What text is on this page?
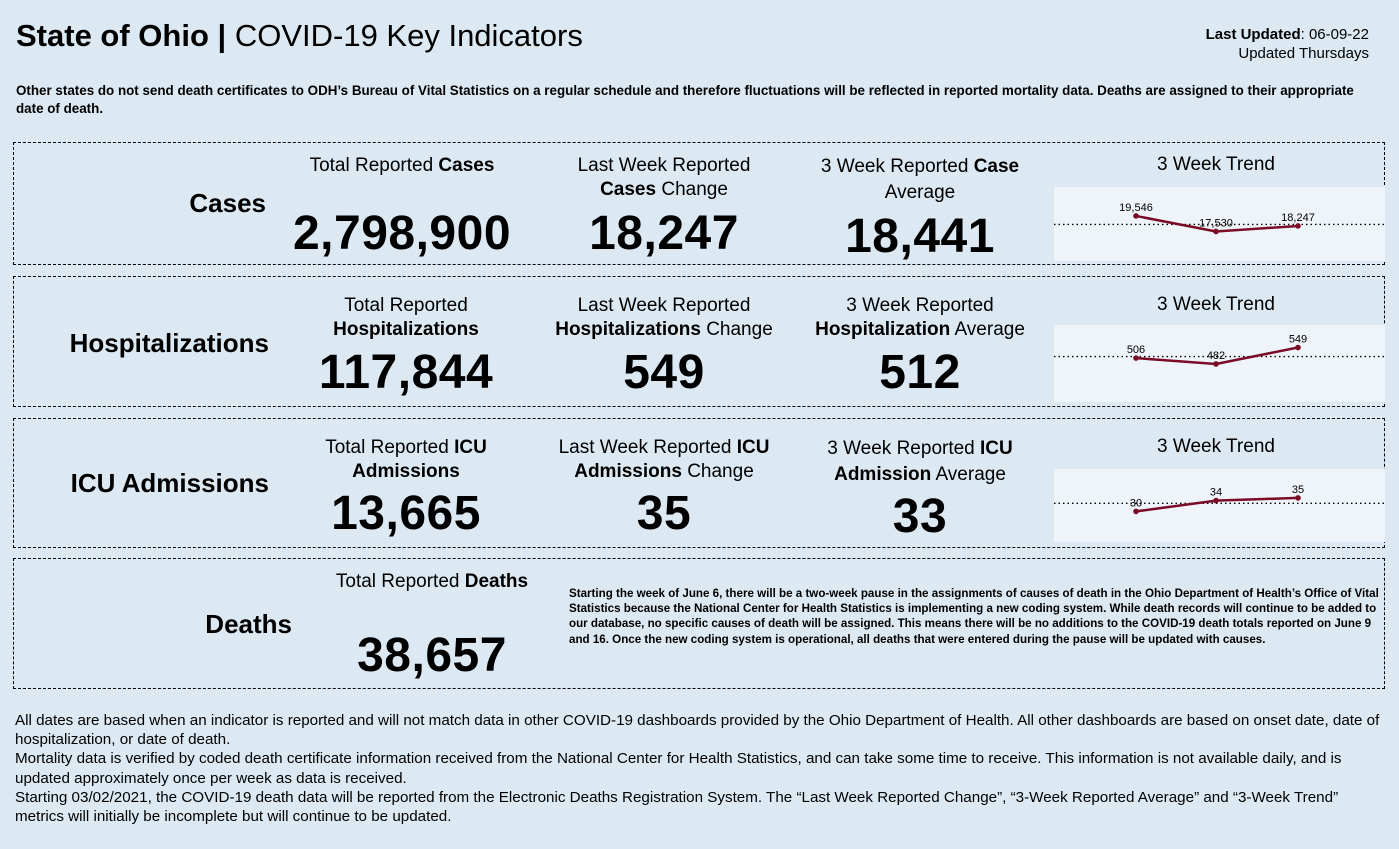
State of Ohio | COVID-19 Key Indicators	Last Updated: 06-09-22
Updated Thursdays
Other states do not send death certificates to ODH’s Bureau of Vital Statistics on a regular schedule and therefore fluctuations will be reflected in reported mortality data. Deaths are assigned to their appropriate date of death.
Cases
Total Reported Cases
2,798,900
Last Week Reported
Cases Change
18,247
3 Week Reported Case
Average
18,441
3 Week Trend
19,546
17,530	18,247
Hospitalizations
Total Reported
Hospitalizations
117,844
Last Week Reported
Hospitalizations Change
549
3 Week Reported
Hospitalization Average
512
3 Week Trend
506	482
549
ICU Admissions
Total Reported ICU
Admissions
13,665
Last Week Reported ICU
Admissions Change
35
3 Week Reported ICU
Admission Average
33
3 Week Trend
30
34	35
Deaths
Total Reported Deaths
38,657
Starting the week of June 6, there will be a two-week pause in the assignments of causes of death in the Ohio Department of Health’s Office of Vital Statistics because the National Center for Health Statistics is implementing a new coding system. While death records will continue to be added to our database, no specific causes of death will be assigned. This means there will be no additions to the COVID-19 death totals reported on June 9 and 16. Once the new coding system is operational, all deaths that were entered during the pause will be updated with causes.

All dates are based when an indicator is reported and will not match data in other COVID-19 dashboards provided by the Ohio Department of Health. All other dashboards are based on onset date, date of hospitalization, or date of death.

Mortality data is verified by coded death certificate information received from the National Center for Health Statistics, and can take some time to receive. This information is not available daily, and is updated approximately once per week as data is received.

Starting 03/02/2021, the COVID-19 death data will be reported from the Electronic Deaths Registration System. The “Last Week Reported Change”, “3-Week Reported Average” and “3-Week Trend” metrics will initially be incomplete but will continue to be updated.
